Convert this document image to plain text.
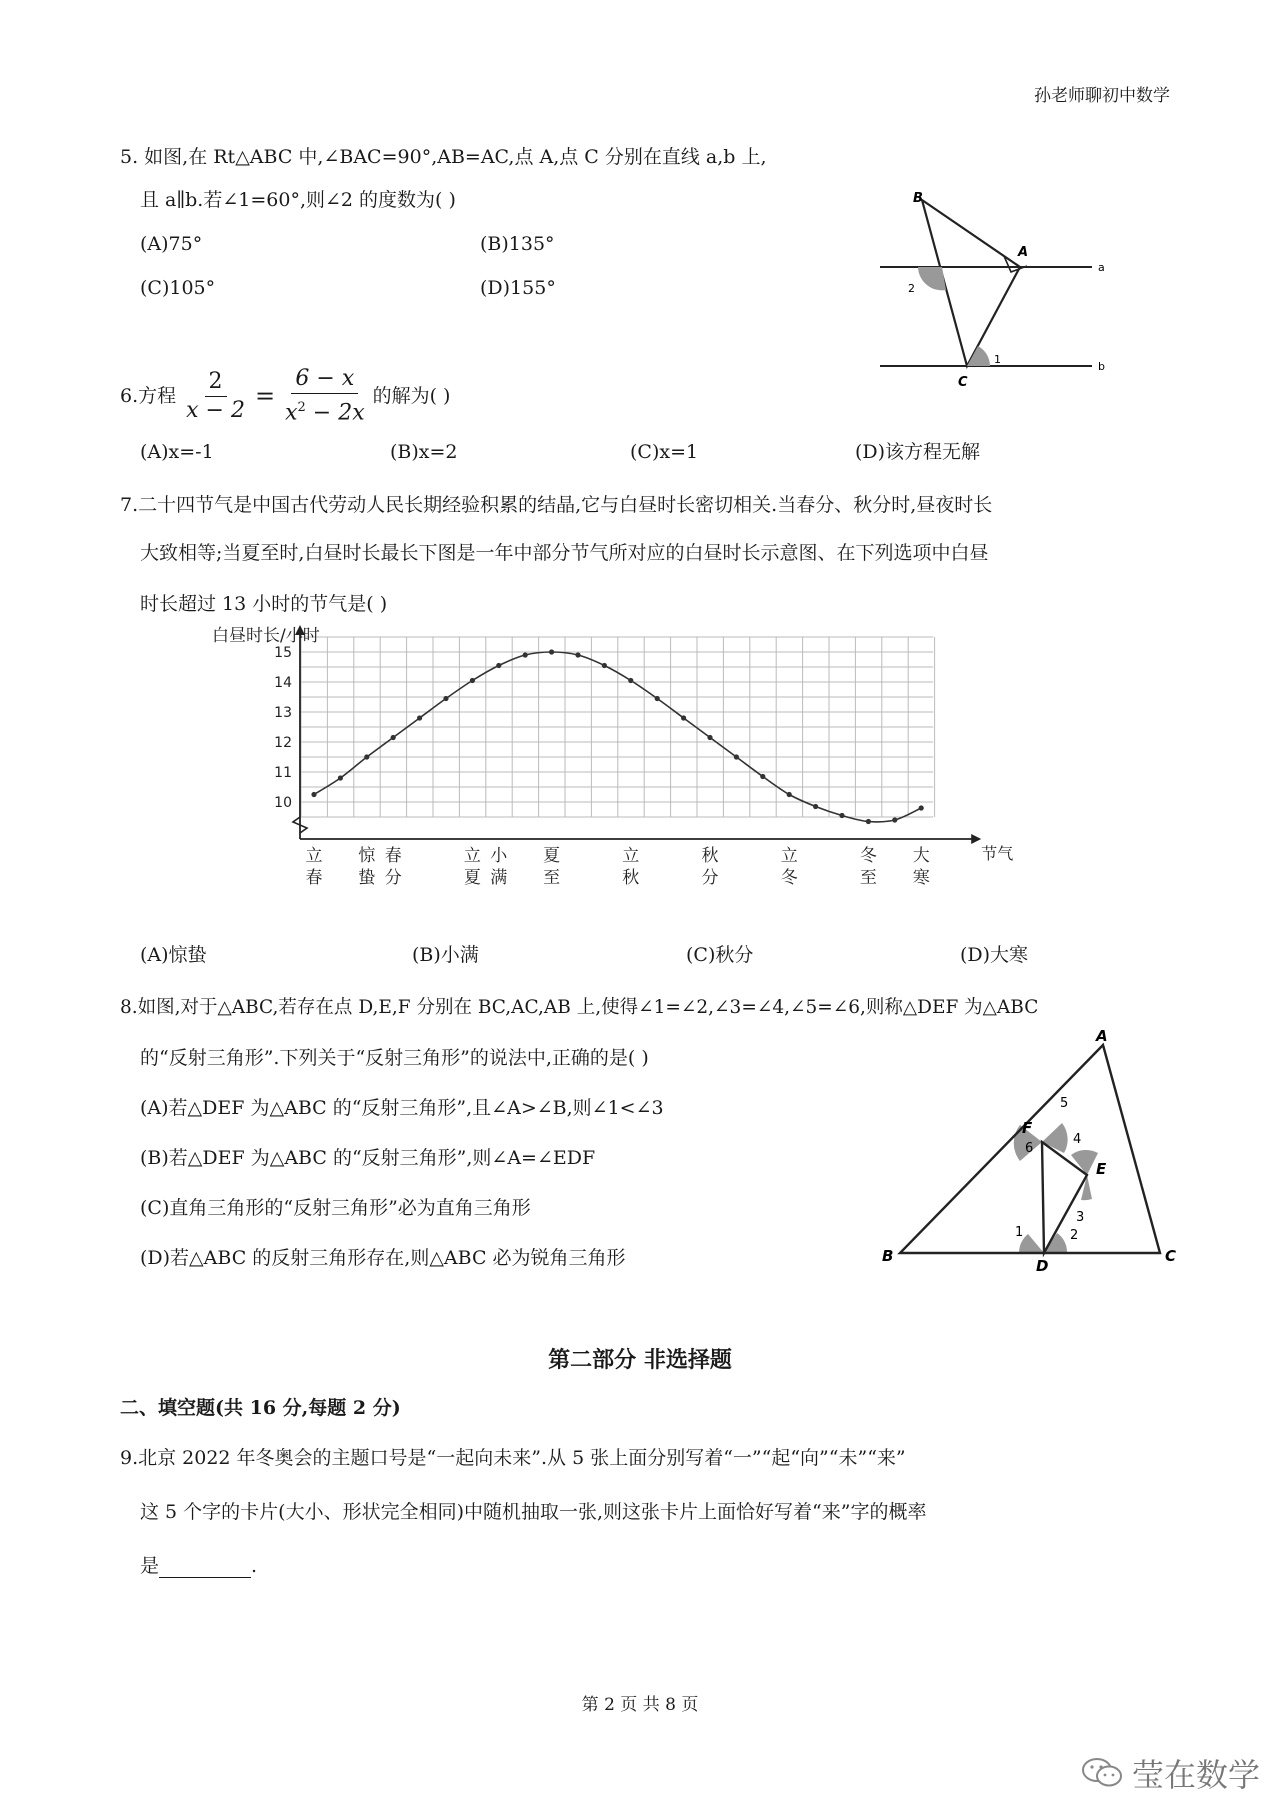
孙老师聊初中数学
5. 如图,在 Rt△ABC 中,∠BAC=90°,AB=AC,点 A,点 C 分别在直线 a,b 上,
且 a∥b.若∠1=60°,则∠2 的度数为( )
(A)75°	(B)135°
(C)105°	(D)155°
B
A
C
a
b
1
2
6.方程 $\frac{2}{x - 2} = \frac{6 - x}{x^2 - 2x}$ 的解为( )
(A)x=-1	(B)x=2	(C)x=1	(D)该方程无解
7.二十四节气是中国古代劳动人民长期经验积累的结晶,它与白昼时长密切相关.当春分、秋分时,昼夜时长
大致相等;当夏至时,白昼时长最长下图是一年中部分节气所对应的白昼时长示意图、在下列选项中白昼
时长超过 13 小时的节气是( )
10
11
12
13
14
15
白昼时长/小时
节气
立
春
惊
蛰
春
分
立
夏
小
满
夏
至
立
秋
秋
分
立
冬
冬
至
大
寒
(A)惊蛰	(B)小满	(C)秋分	(D)大寒
8.如图,对于△ABC,若存在点 D,E,F 分别在 BC,AC,AB 上,使得∠1=∠2,∠3=∠4,∠5=∠6,则称△DEF 为△ABC
的“反射三角形”.下列关于“反射三角形”的说法中,正确的是( )
(A)若△DEF 为△ABC 的“反射三角形”,且∠A>∠B,则∠1<∠3
(B)若△DEF 为△ABC 的“反射三角形”,则∠A=∠EDF
(C)直角三角形的“反射三角形”必为直角三角形
(D)若△ABC 的反射三角形存在,则△ABC 必为锐角三角形
A
B	C
D
E
F
1	2
3
4
5
6
第二部分 非选择题
二、填空题(共 16 分,每题 2 分)
9.北京 2022 年冬奥会的主题口号是“一起向未来”.从 5 张上面分别写着“一”“起“向”“未”“来”
这 5 个字的卡片(大小、形状完全相同)中随机抽取一张,则这张卡片上面恰好写着“来”字的概率
是	.
第 2 页 共 8 页
莹在数学
